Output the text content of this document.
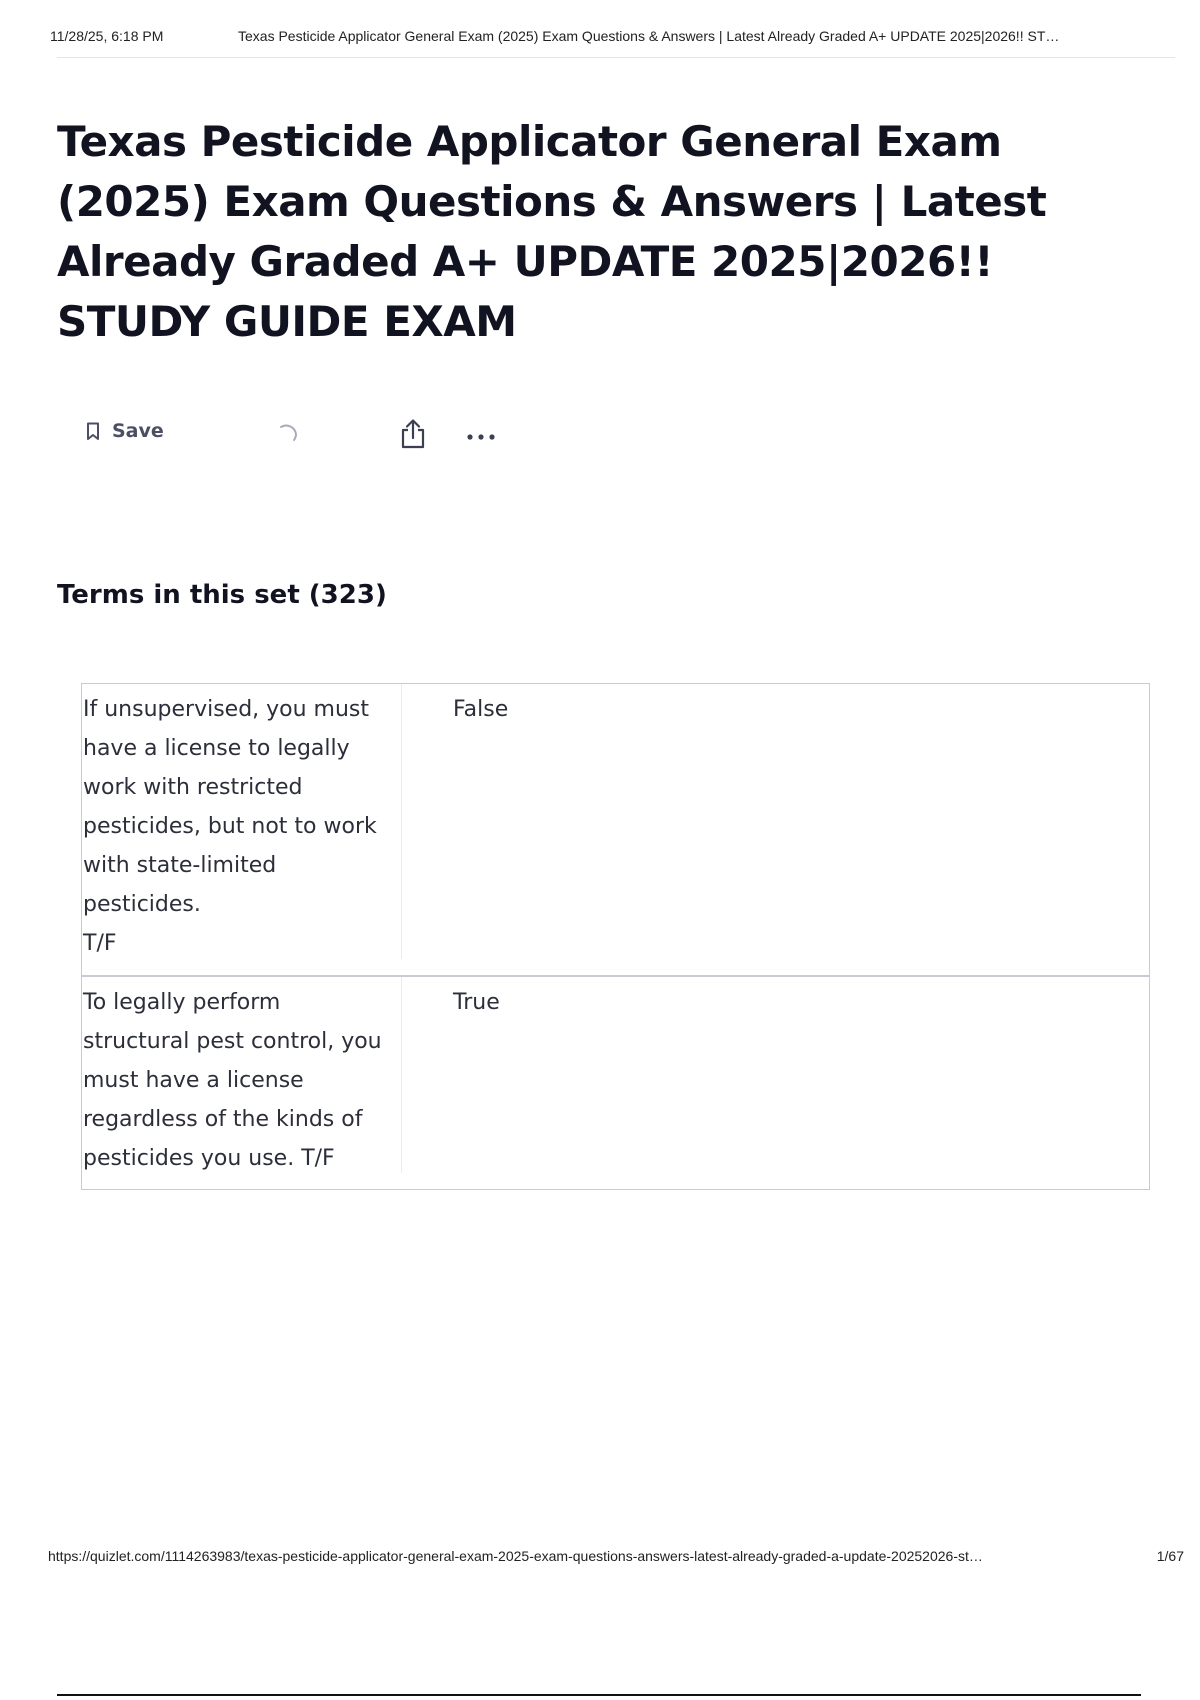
11/28/25, 6:18 PM	Texas Pesticide Applicator General Exam (2025) Exam Questions & Answers | Latest Already Graded A+ UPDATE 2025|2026!! ST…
Texas Pesticide Applicator General Exam (2025) Exam Questions & Answers | Latest Already Graded A+ UPDATE 2025|2026!! STUDY GUIDE EXAM
Save
Terms in this set (323)
If unsupervised, you must have a license to legally work with restricted pesticides, but not to work with state-limited pesticides.
T/F
False
To legally perform structural pest control, you must have a license regardless of the kinds of pesticides you use. T/F
True
https://quizlet.com/1114263983/texas-pesticide-applicator-general-exam-2025-exam-questions-answers-latest-already-graded-a-update-20252026-st…	1/67
